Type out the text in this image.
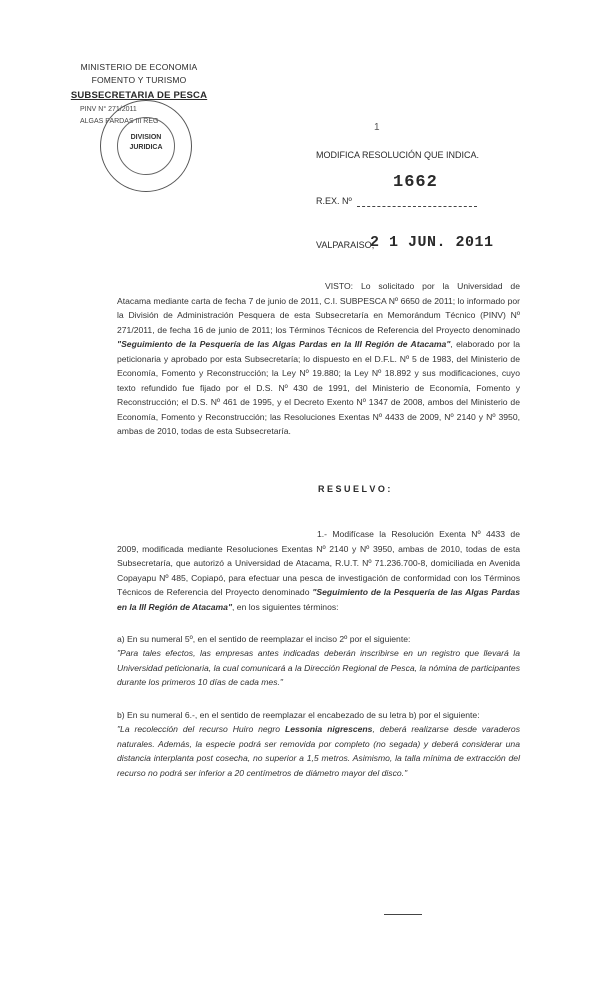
MINISTERIO DE ECONOMIA
FOMENTO Y TURISMO
SUBSECRETARIA DE PESCA
PINV N° 271/2011
ALGAS PARDAS III REG
DIVISION
JURIDICA
1
MODIFICA RESOLUCIÓN QUE INDICA.
R.EX. Nº
1662
VALPARAISO,
2 1 JUN. 2011
VISTO: Lo solicitado por la Universidad de Atacama mediante carta de fecha 7 de junio de 2011, C.I. SUBPESCA Nº 6650 de 2011; lo informado por la División de Administración Pesquera de esta Subsecretaría en Memorándum Técnico (PINV) Nº 271/2011, de fecha 16 de junio de 2011; los Términos Técnicos de Referencia del Proyecto denominado "Seguimiento de la Pesquería de las Algas Pardas en la III Región de Atacama", elaborado por la peticionaria y aprobado por esta Subsecretaría; lo dispuesto en el D.F.L. Nº 5 de 1983, del Ministerio de Economía, Fomento y Reconstrucción; la Ley Nº 19.880; la Ley Nº 18.892 y sus modificaciones, cuyo texto refundido fue fijado por el D.S. Nº 430 de 1991, del Ministerio de Economía, Fomento y Reconstrucción; el D.S. Nº 461 de 1995, y el Decreto Exento Nº 1347 de 2008, ambos del Ministerio de Economía, Fomento y Reconstrucción; las Resoluciones Exentas Nº 4433 de 2009, Nº 2140 y Nº 3950, ambas de 2010, todas de esta Subsecretaría.
R E S U E L V O :
1.- Modifícase la Resolución Exenta Nº 4433 de 2009, modificada mediante Resoluciones Exentas Nº 2140 y Nº 3950, ambas de 2010, todas de esta Subsecretaría, que autorizó a Universidad de Atacama, R.U.T. Nº 71.236.700-8, domiciliada en Avenida Copayapu Nº 485, Copiapó, para efectuar una pesca de investigación de conformidad con los Términos Técnicos de Referencia del Proyecto denominado "Seguimiento de la Pesquería de las Algas Pardas en la III Región de Atacama", en los siguientes términos:
a) En su numeral 5º, en el sentido de reemplazar el inciso 2º por el siguiente:
"Para tales efectos, las empresas antes indicadas deberán inscribirse en un registro que llevará la Universidad peticionaria, la cual comunicará a la Dirección Regional de Pesca, la nómina de participantes durante los primeros 10 días de cada mes."
b) En su numeral 6.-, en el sentido de reemplazar el encabezado de su letra b) por el siguiente:
"La recolección del recurso Huiro negro Lessonia nigrescens, deberá realizarse desde varaderos naturales. Además, la especie podrá ser removida por completo (no segada) y deberá considerar una distancia interplanta post cosecha, no superior a 1,5 metros. Asimismo, la talla mínima de extracción del recurso no podrá ser inferior a 20 centímetros de diámetro mayor del disco."
